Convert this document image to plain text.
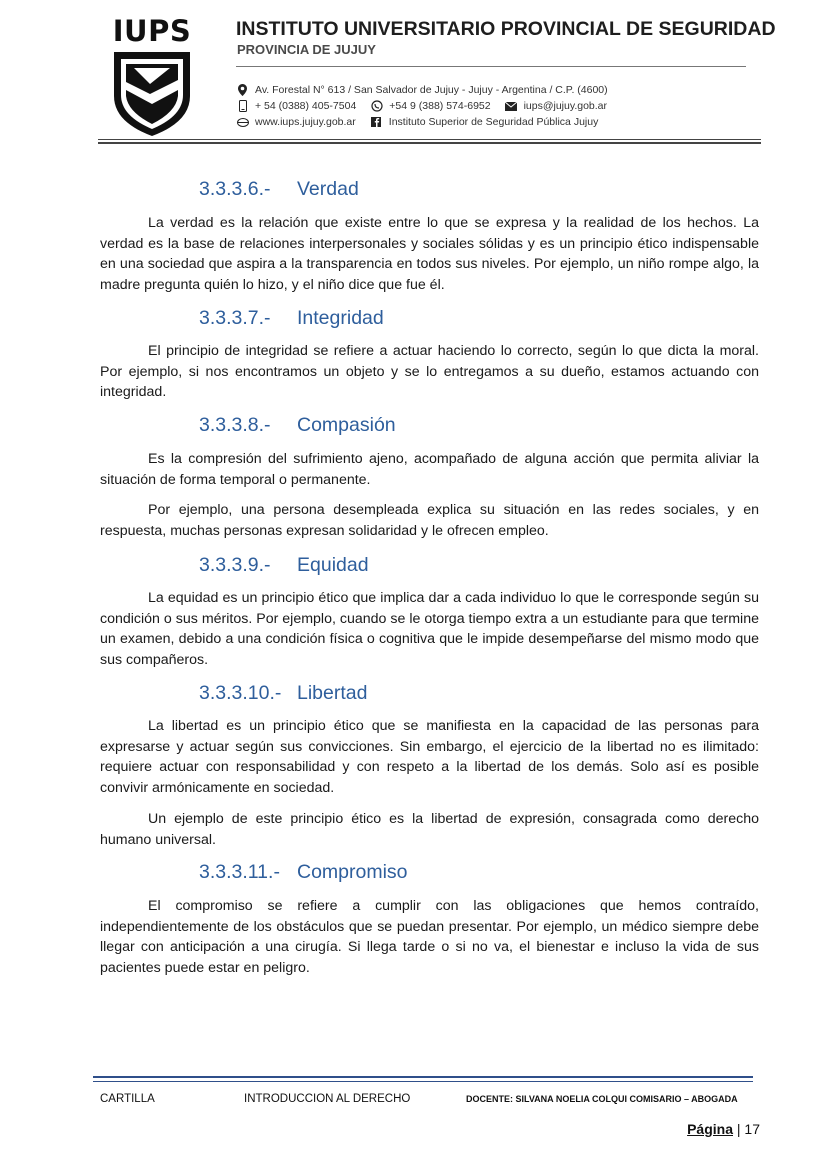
IUPS	INSTITUTO UNIVERSITARIO PROVINCIAL DE SEGURIDAD
PROVINCIA DE JUJUY
Av. Forestal N° 613 / San Salvador de Jujuy - Jujuy - Argentina / C.P. (4600)
+ 54 (0388) 405-7504	+54 9 (388) 574-6952	iups@jujuy.gob.ar
www.iups.jujuy.gob.ar	Instituto Superior de Seguridad Pública Jujuy
3.3.3.6.- Verdad

La verdad es la relación que existe entre lo que se expresa y la realidad de los hechos. La verdad es la base de relaciones interpersonales y sociales sólidas y es un principio ético indispensable en una sociedad que aspira a la transparencia en todos sus niveles. Por ejemplo, un niño rompe algo, la madre pregunta quién lo hizo, y el niño dice que fue él.

3.3.3.7.- Integridad

El principio de integridad se refiere a actuar haciendo lo correcto, según lo que dicta la moral. Por ejemplo, si nos encontramos un objeto y se lo entregamos a su dueño, estamos actuando con integridad.

3.3.3.8.- Compasión

Es la compresión del sufrimiento ajeno, acompañado de alguna acción que permita aliviar la situación de forma temporal o permanente.

Por ejemplo, una persona desempleada explica su situación en las redes sociales, y en respuesta, muchas personas expresan solidaridad y le ofrecen empleo.

3.3.3.9.- Equidad

La equidad es un principio ético que implica dar a cada individuo lo que le corresponde según su condición o sus méritos. Por ejemplo, cuando se le otorga tiempo extra a un estudiante para que termine un examen, debido a una condición física o cognitiva que le impide desempeñarse del mismo modo que sus compañeros.

3.3.3.10.- Libertad

La libertad es un principio ético que se manifiesta en la capacidad de las personas para expresarse y actuar según sus convicciones. Sin embargo, el ejercicio de la libertad no es ilimitado: requiere actuar con responsabilidad y con respeto a la libertad de los demás. Solo así es posible convivir armónicamente en sociedad.

Un ejemplo de este principio ético es la libertad de expresión, consagrada como derecho humano universal.

3.3.3.11.- Compromiso

El compromiso se refiere a cumplir con las obligaciones que hemos contraído, independientemente de los obstáculos que se puedan presentar. Por ejemplo, un médico siempre debe llegar con anticipación a una cirugía. Si llega tarde o si no va, el bienestar e incluso la vida de sus pacientes puede estar en peligro.

CARTILLA	INTRODUCCION AL DERECHO	DOCENTE: SILVANA NOELIA COLQUI COMISARIO – ABOGADA
Página | 17
